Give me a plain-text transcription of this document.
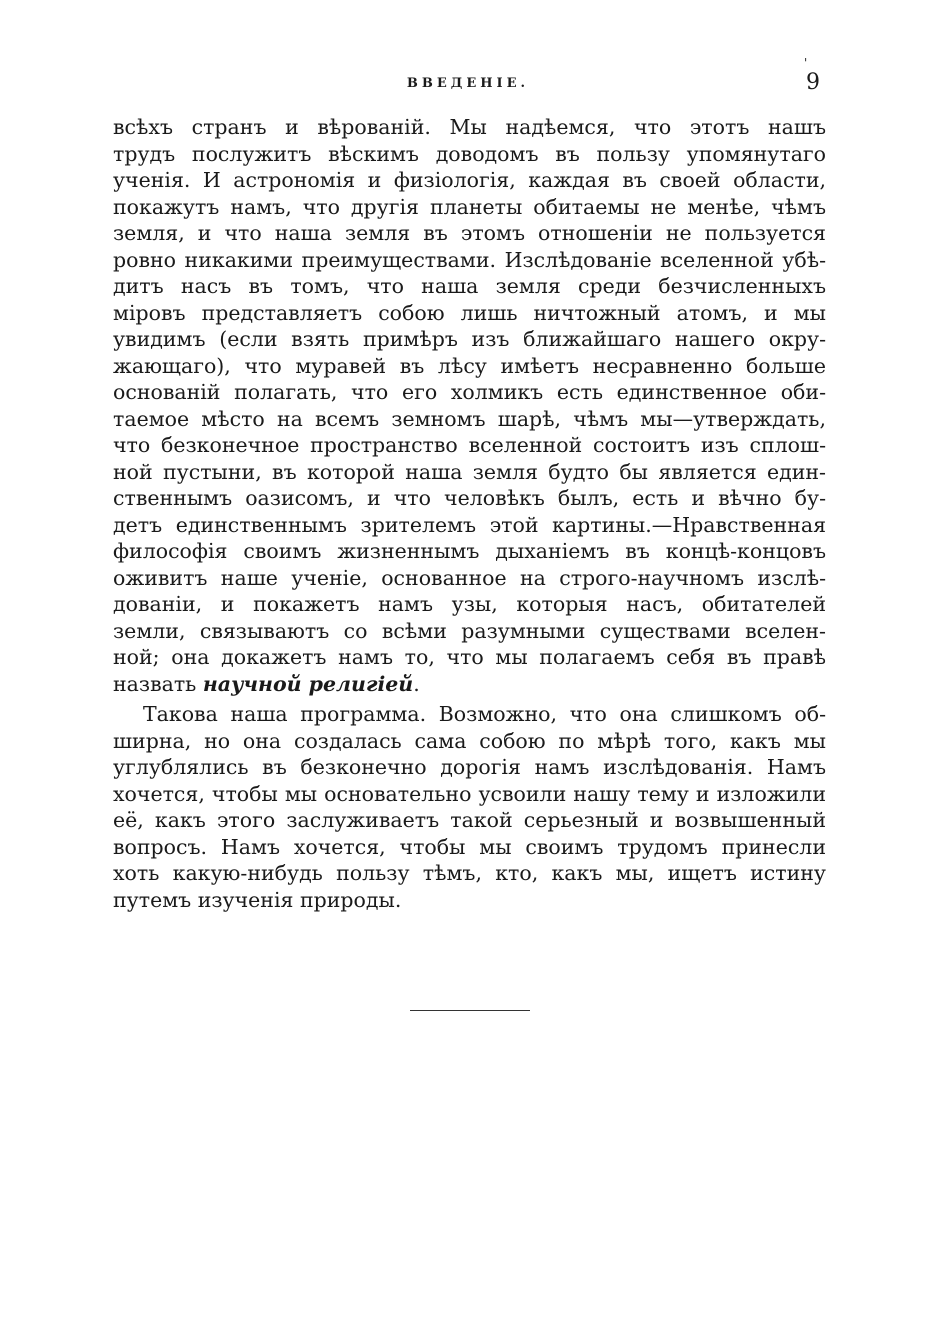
ВВЕДЕНІЕ.
'
9
всѣхъ странъ и вѣрованій. Мы надѣемся, что этотъ нашъ
трудъ послужитъ вѣскимъ доводомъ въ пользу упомянутаго
ученія. И астрономія и физіологія, каждая въ своей области,
покажутъ намъ, что другія планеты обитаемы не менѣе, чѣмъ
земля, и что наша земля въ этомъ отношеніи не пользуется
ровно никакими преимуществами. Изслѣдованіе вселенной убѣ-
дитъ насъ въ томъ, что наша земля среди безчисленныхъ
міровъ представляетъ собою лишь ничтожный атомъ, и мы
увидимъ (если взять примѣръ изъ ближайшаго нашего окру-
жающаго), что муравей въ лѣсу имѣетъ несравненно больше
основаній полагать, что его холмикъ есть единственное оби-
таемое мѣсто на всемъ земномъ шарѣ, чѣмъ мы—утверждать,
что безконечное пространство вселенной состоитъ изъ сплош-
ной пустыни, въ которой наша земля будто бы является един-
ственнымъ оазисомъ, и что человѣкъ былъ, есть и вѣчно бу-
детъ единственнымъ зрителемъ этой картины.—Нравственная
философія своимъ жизненнымъ дыханіемъ въ концѣ-концовъ
оживитъ наше ученіе, основанное на строго-научномъ изслѣ-
дованіи, и покажетъ намъ узы, которыя насъ, обитателей
земли, связываютъ со всѣми разумными существами вселен-
ной; она докажетъ намъ то, что мы полагаемъ себя въ правѣ
назвать научной религіей.
Такова наша программа. Возможно, что она слишкомъ об-
ширна, но она создалась сама собою по мѣрѣ того, какъ мы
углублялись въ безконечно дорогія намъ изслѣдованія. Намъ
хочется, чтобы мы основательно усвоили нашу тему и изложили
её, какъ этого заслуживаетъ такой серьезный и возвышенный
вопросъ. Намъ хочется, чтобы мы своимъ трудомъ принесли
хоть какую-нибудь пользу тѣмъ, кто, какъ мы, ищетъ истину
путемъ изученія природы.
